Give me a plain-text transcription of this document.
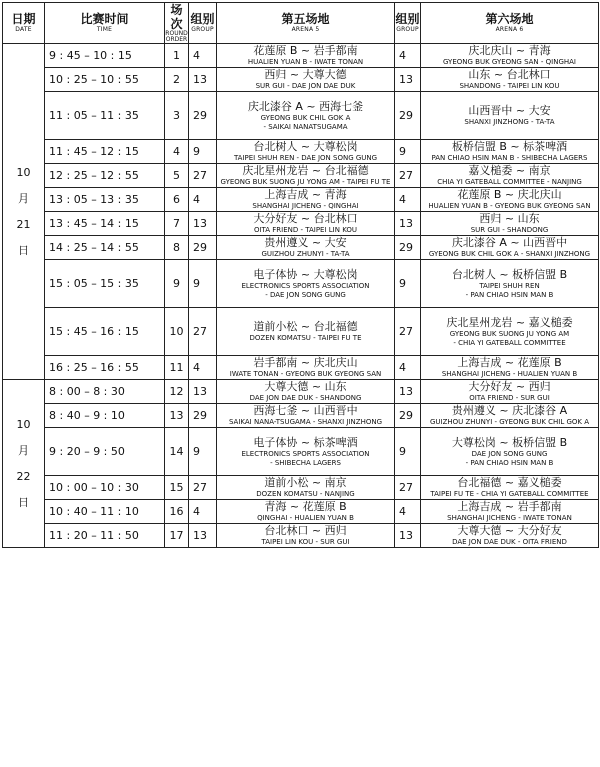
日期
DATE	比赛时间
TIME	场次
ROUND
ORDER	组别
GROUP	第五场地
ARENA 5	组别
GROUP	第六场地
ARENA 6

10
月
21
日	9 : 45 – 10 : 15	1	4	花莲原 B ~ 岩手都南
HUALIEN YUAN B - IWATE TONAN	4	庆北庆山 ~ 青海
GYEONG BUK GYEONG SAN - QINGHAI

	10 : 25 – 10 : 55	2	13	西归 ~ 大尊大德
SUR GUI - DAE JON DAE DUK	13	山东 ~ 台北林口
SHANDONG - TAIPEI LIN KOU

	11 : 05 – 11 : 35	3	29	庆北漆谷 A ~ 西海七釜
GYEONG BUK CHIL GOK A
- SAIKAI NANATSUGAMA	29	山西晋中 ~ 大安
SHANXI JINZHONG - TA-TA

	11 : 45 – 12 : 15	4	9	台北树人 ~ 大尊松岗
TAIPEI SHUH REN - DAE JON SONG GUNG	9	板桥信盟 B ~ 标茶啤酒
PAN CHIAO HSIN MAN B - SHIBECHA LAGERS

	12 : 25 – 12 : 55	5	27	庆北星州龙岩 ~ 台北福德
GYEONG BUK SUONG JU YONG AM - TAIPEI FU TE	27	嘉义槌委 ~ 南京
CHIA YI GATEBALL COMMITTEE - NANJING

	13 : 05 – 13 : 35	6	4	上海吉成 ~ 青海
SHANGHAI JICHENG - QINGHAI	4	花莲原 B ~ 庆北庆山
HUALIEN YUAN B - GYEONG BUK GYEONG SAN

	13 : 45 – 14 : 15	7	13	大分好友 ~ 台北林口
OITA FRIEND - TAIPEI LIN KOU	13	西归 ~ 山东
SUR GUI - SHANDONG

	14 : 25 – 14 : 55	8	29	贵州遵义 ~ 大安
GUIZHOU ZHUNYI - TA-TA	29	庆北漆谷 A ~ 山西晋中
GYEONG BUK CHIL GOK A - SHANXI JINZHONG

	15 : 05 – 15 : 35	9	9	电子体协 ~ 大尊松岗
ELECTRONICS SPORTS ASSOCIATION
- DAE JON SONG GUNG	9	台北树人 ~ 板桥信盟 B
TAIPEI SHUH REN
- PAN CHIAO HSIN MAN B

	15 : 45 – 16 : 15	10	27	道前小松 ~ 台北福德
DOZEN KOMATSU - TAIPEI FU TE	27	庆北星州龙岩 ~ 嘉义槌委
GYEONG BUK SUONG JU YONG AM
- CHIA YI GATEBALL COMMITTEE

	16 : 25 – 16 : 55	11	4	岩手都南 ~ 庆北庆山
IWATE TONAN - GYEONG BUK GYEONG SAN	4	上海吉成 ~ 花莲原 B
SHANGHAI JICHENG - HUALIEN YUAN B

10
月
22
日	8 : 00 – 8 : 30	12	13	大尊大德 ~ 山东
DAE JON DAE DUK - SHANDONG	13	大分好友 ~ 西归
OITA FRIEND - SUR GUI

	8 : 40 – 9 : 10	13	29	西海七釜 ~ 山西晋中
SAIKAI NANA-TSUGAMA - SHANXI JINZHONG	29	贵州遵义 ~ 庆北漆谷 A
GUIZHOU ZHUNYI - GYEONG BUK CHIL GOK A

	9 : 20 – 9 : 50	14	9	电子体协 ~ 标茶啤酒
ELECTRONICS SPORTS ASSOCIATION
- SHIBECHA LAGERS	9	大尊松岗 ~ 板桥信盟 B
DAE JON SONG GUNG
- PAN CHIAO HSIN MAN B

	10 : 00 – 10 : 30	15	27	道前小松 ~ 南京
DOZEN KOMATSU - NANJING	27	台北福德 ~ 嘉义槌委
TAIPEI FU TE - CHIA YI GATEBALL COMMITTEE

	10 : 40 – 11 : 10	16	4	青海 ~ 花莲原 B
QINGHAI - HUALIEN YUAN B	4	上海吉成 ~ 岩手都南
SHANGHAI JICHENG - IWATE TONAN

	11 : 20 – 11 : 50	17	13	台北林口 ~ 西归
TAIPEI LIN KOU - SUR GUI	13	大尊大德 ~ 大分好友
DAE JON DAE DUK - OITA FRIEND
